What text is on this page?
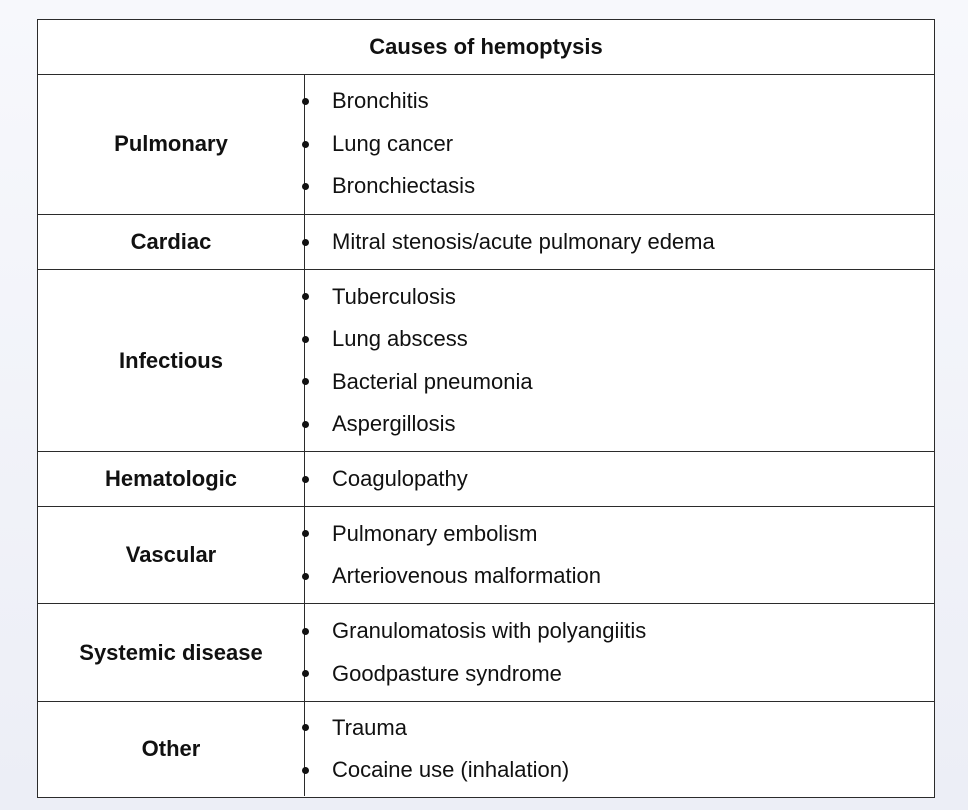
Causes of hemoptysis
Pulmonary
Bronchitis
Lung cancer
Bronchiectasis
Cardiac	Mitral stenosis/acute pulmonary edema
Infectious
Tuberculosis
Lung abscess
Bacterial pneumonia
Aspergillosis
Hematologic	Coagulopathy
Vascular
Pulmonary embolism
Arteriovenous malformation
Systemic disease
Granulomatosis with polyangiitis
Goodpasture syndrome
Other
Trauma
Cocaine use (inhalation)
